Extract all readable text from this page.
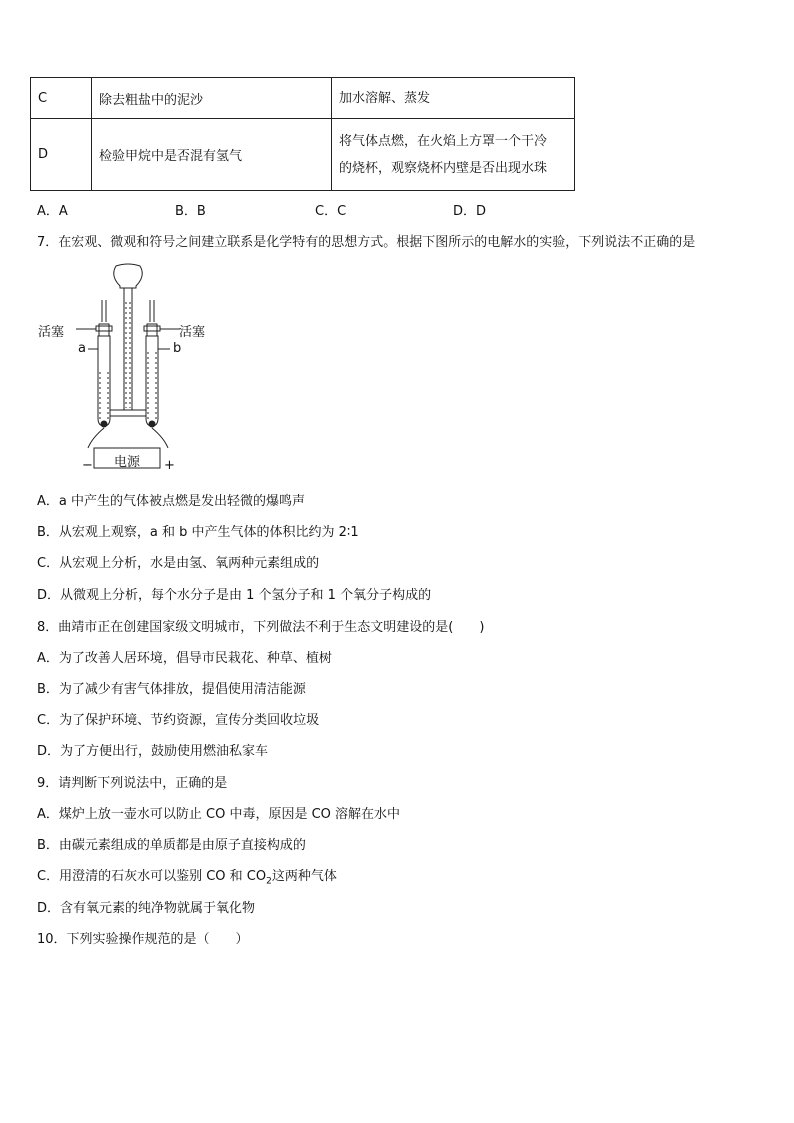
C	除去粗盐中的泥沙	加水溶解、蒸发
D	检验甲烷中是否混有氢气	将气体点燃，在火焰上方罩一个干冷
的烧杯，观察烧杯内壁是否出现水珠
A．A	B．B	C．C	D．D
7．在宏观、微观和符号之间建立联系是化学特有的思想方式。根据下图所示的电解水的实验，下列说法不正确的是
活塞	活塞
a	b
电源
−	+
A．a 中产生的气体被点燃是发出轻微的爆鸣声
B．从宏观上观察，a 和 b 中产生气体的体积比约为 2∶1
C．从宏观上分析，水是由氢、氧两种元素组成的
D．从微观上分析，每个水分子是由 1 个氢分子和 1 个氧分子构成的
8．曲靖市正在创建国家级文明城市，下列做法不利于生态文明建设的是(　　)
A．为了改善人居环境，倡导市民栽花、种草、植树
B．为了减少有害气体排放，提倡使用清洁能源
C．为了保护环境、节约资源，宣传分类回收垃圾
D．为了方便出行，鼓励使用燃油私家车
9．请判断下列说法中，正确的是
A．煤炉上放一壶水可以防止 CO 中毒，原因是 CO 溶解在水中
B．由碳元素组成的单质都是由原子直接构成的
C．用澄清的石灰水可以鉴别 CO 和 $CO_2$这两种气体
D．含有氧元素的纯净物就属于氧化物
10．下列实验操作规范的是（　　）
